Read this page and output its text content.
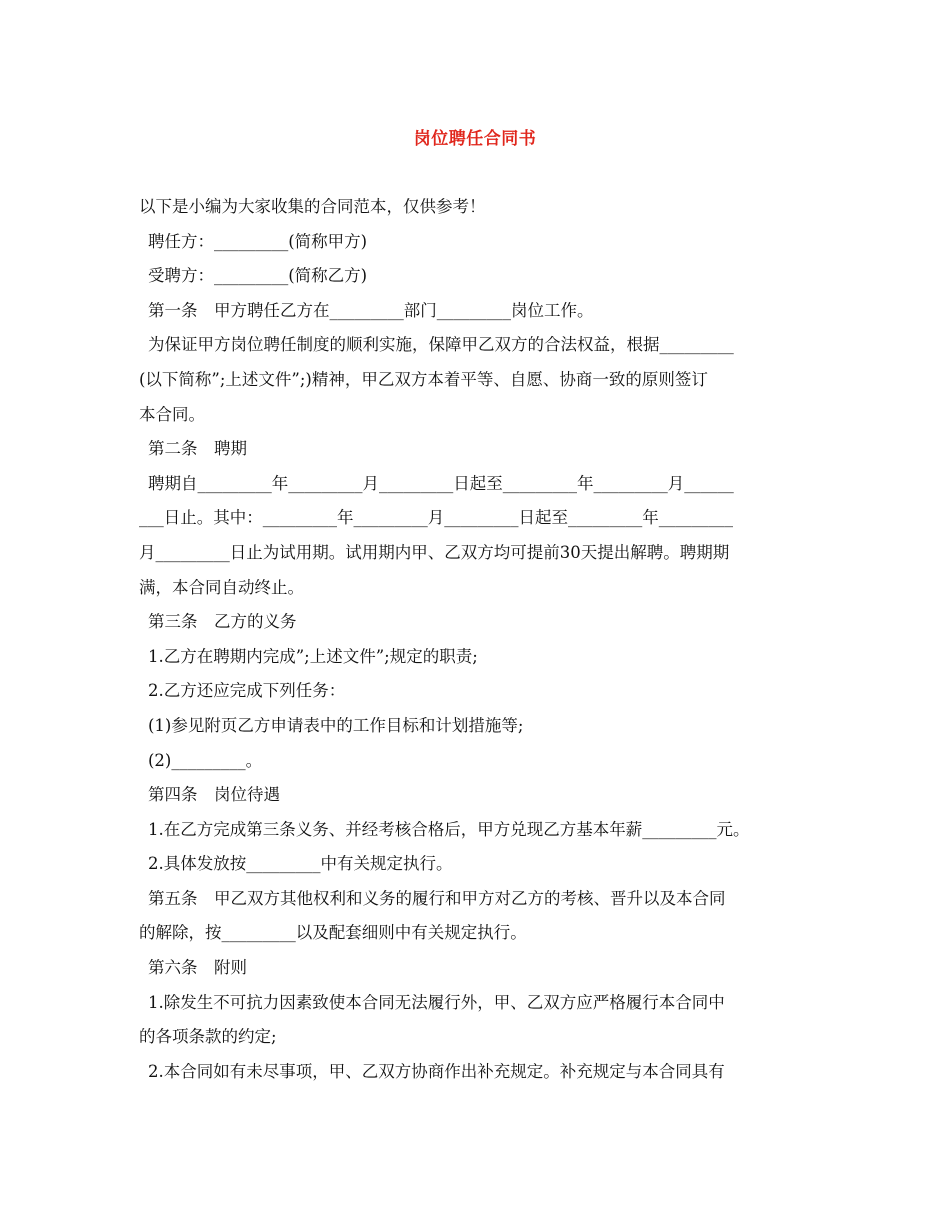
岗位聘任合同书
以下是小编为大家收集的合同范本，仅供参考！
聘任方：_________(简称甲方)
受聘方：_________(简称乙方)
第一条　甲方聘任乙方在_________部门_________岗位工作。
为保证甲方岗位聘任制度的顺利实施，保障甲乙双方的合法权益，根据_________
(以下简称”;上述文件”;)精神，甲乙双方本着平等、自愿、协商一致的原则签订
本合同。
第二条　聘期
聘期自_________年_________月_________日起至_________年_________月______
___日止。其中：_________年_________月_________日起至_________年_________
月_________日止为试用期。试用期内甲、乙双方均可提前30天提出解聘。聘期期
满，本合同自动终止。
第三条　乙方的义务
1.乙方在聘期内完成”;上述文件”;规定的职责;
2.乙方还应完成下列任务：
(1)参见附页乙方申请表中的工作目标和计划措施等;
(2)_________。
第四条　岗位待遇
1.在乙方完成第三条义务、并经考核合格后，甲方兑现乙方基本年薪_________元。
2.具体发放按_________中有关规定执行。
第五条　甲乙双方其他权利和义务的履行和甲方对乙方的考核、晋升以及本合同
的解除，按_________以及配套细则中有关规定执行。
第六条　附则
1.除发生不可抗力因素致使本合同无法履行外，甲、乙双方应严格履行本合同中
的各项条款的约定;
2.本合同如有未尽事项，甲、乙双方协商作出补充规定。补充规定与本合同具有
